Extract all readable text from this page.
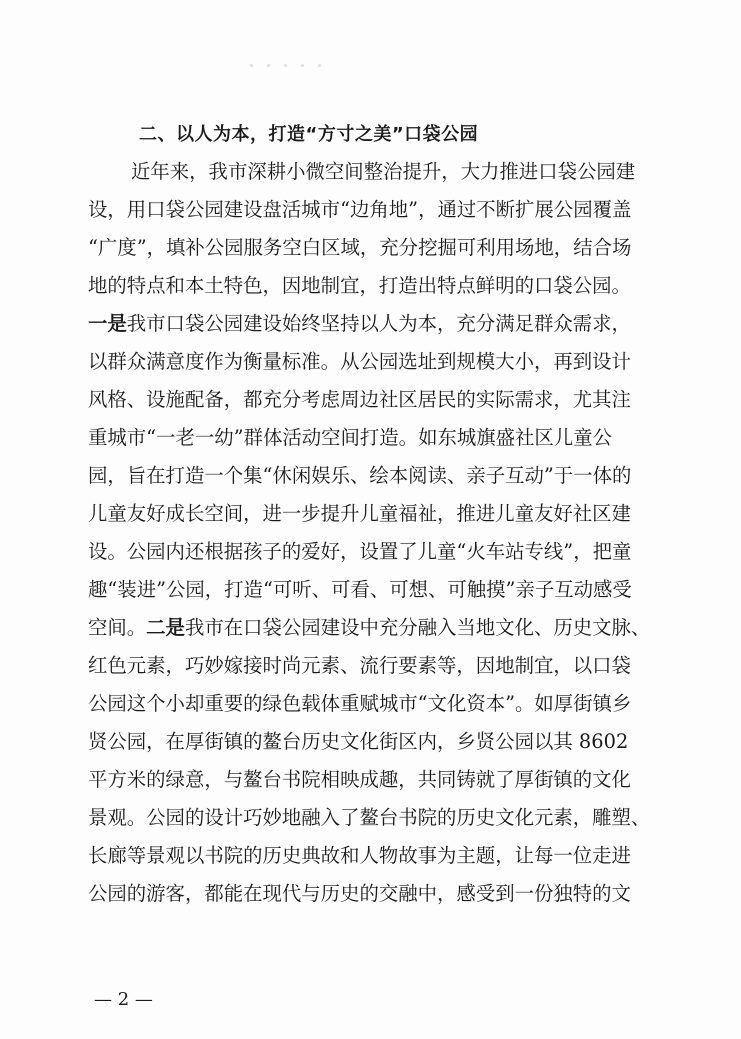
二、以人为本，打造“方寸之美”口袋公园

近年来，我市深耕小微空间整治提升，大力推进口袋公园建

设，用口袋公园建设盘活城市“边角地”，通过不断扩展公园覆盖

“广度”，填补公园服务空白区域，充分挖掘可利用场地，结合场

地的特点和本土特色，因地制宜，打造出特点鲜明的口袋公园。

一是我市口袋公园建设始终坚持以人为本，充分满足群众需求，

以群众满意度作为衡量标准。从公园选址到规模大小，再到设计

风格、设施配备，都充分考虑周边社区居民的实际需求，尤其注

重城市“一老一幼”群体活动空间打造。如东城旗盛社区儿童公

园，旨在打造一个集“休闲娱乐、绘本阅读、亲子互动”于一体的

儿童友好成长空间，进一步提升儿童福祉，推进儿童友好社区建

设。公园内还根据孩子的爱好，设置了儿童“火车站专线”，把童

趣“装进”公园，打造“可听、可看、可想、可触摸”亲子互动感受

空间。二是我市在口袋公园建设中充分融入当地文化、历史文脉、

红色元素，巧妙嫁接时尚元素、流行要素等，因地制宜，以口袋

公园这个小却重要的绿色载体重赋城市“文化资本”。如厚街镇乡

贤公园，在厚街镇的鳌台历史文化街区内，乡贤公园以其 8602

平方米的绿意，与鳌台书院相映成趣，共同铸就了厚街镇的文化

景观。公园的设计巧妙地融入了鳌台书院的历史文化元素，雕塑、

长廊等景观以书院的历史典故和人物故事为主题，让每一位走进

公园的游客，都能在现代与历史的交融中，感受到一份独特的文

— 2 —
